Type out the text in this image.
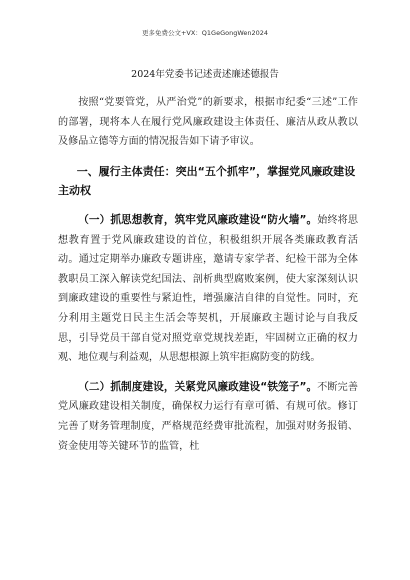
更多免费公文+VX：Q1GeGongWen2024
2024年党委书记述责述廉述德报告

按照“党要管党，从严治党”的新要求，根据市纪委“三述”工作的部署，现将本人在履行党风廉政建设主体责任、廉洁从政从教以及修品立德等方面的情况报告如下请予审议。

一、履行主体责任：突出“五个抓牢”，掌握党风廉政建设主动权

（一）抓思想教育，筑牢党风廉政建设“防火墙”。始终将思想教育置于党风廉政建设的首位，积极组织开展各类廉政教育活动。通过定期举办廉政专题讲座，邀请专家学者、纪检干部为全体教职员工深入解读党纪国法、剖析典型腐败案例，使大家深刻认识到廉政建设的重要性与紧迫性，增强廉洁自律的自觉性。同时，充分利用主题党日民主生活会等契机，开展廉政主题讨论与自我反思，引导党员干部自觉对照党章党规找差距，牢固树立正确的权力观、地位观与利益观，从思想根源上筑牢拒腐防变的防线。

（二）抓制度建设，关紧党风廉政建设“铁笼子”。不断完善党风廉政建设相关制度，确保权力运行有章可循、有规可依。修订完善了财务管理制度，严格规范经费审批流程，加强对财务报销、资金使用等关键环节的监管，杜
